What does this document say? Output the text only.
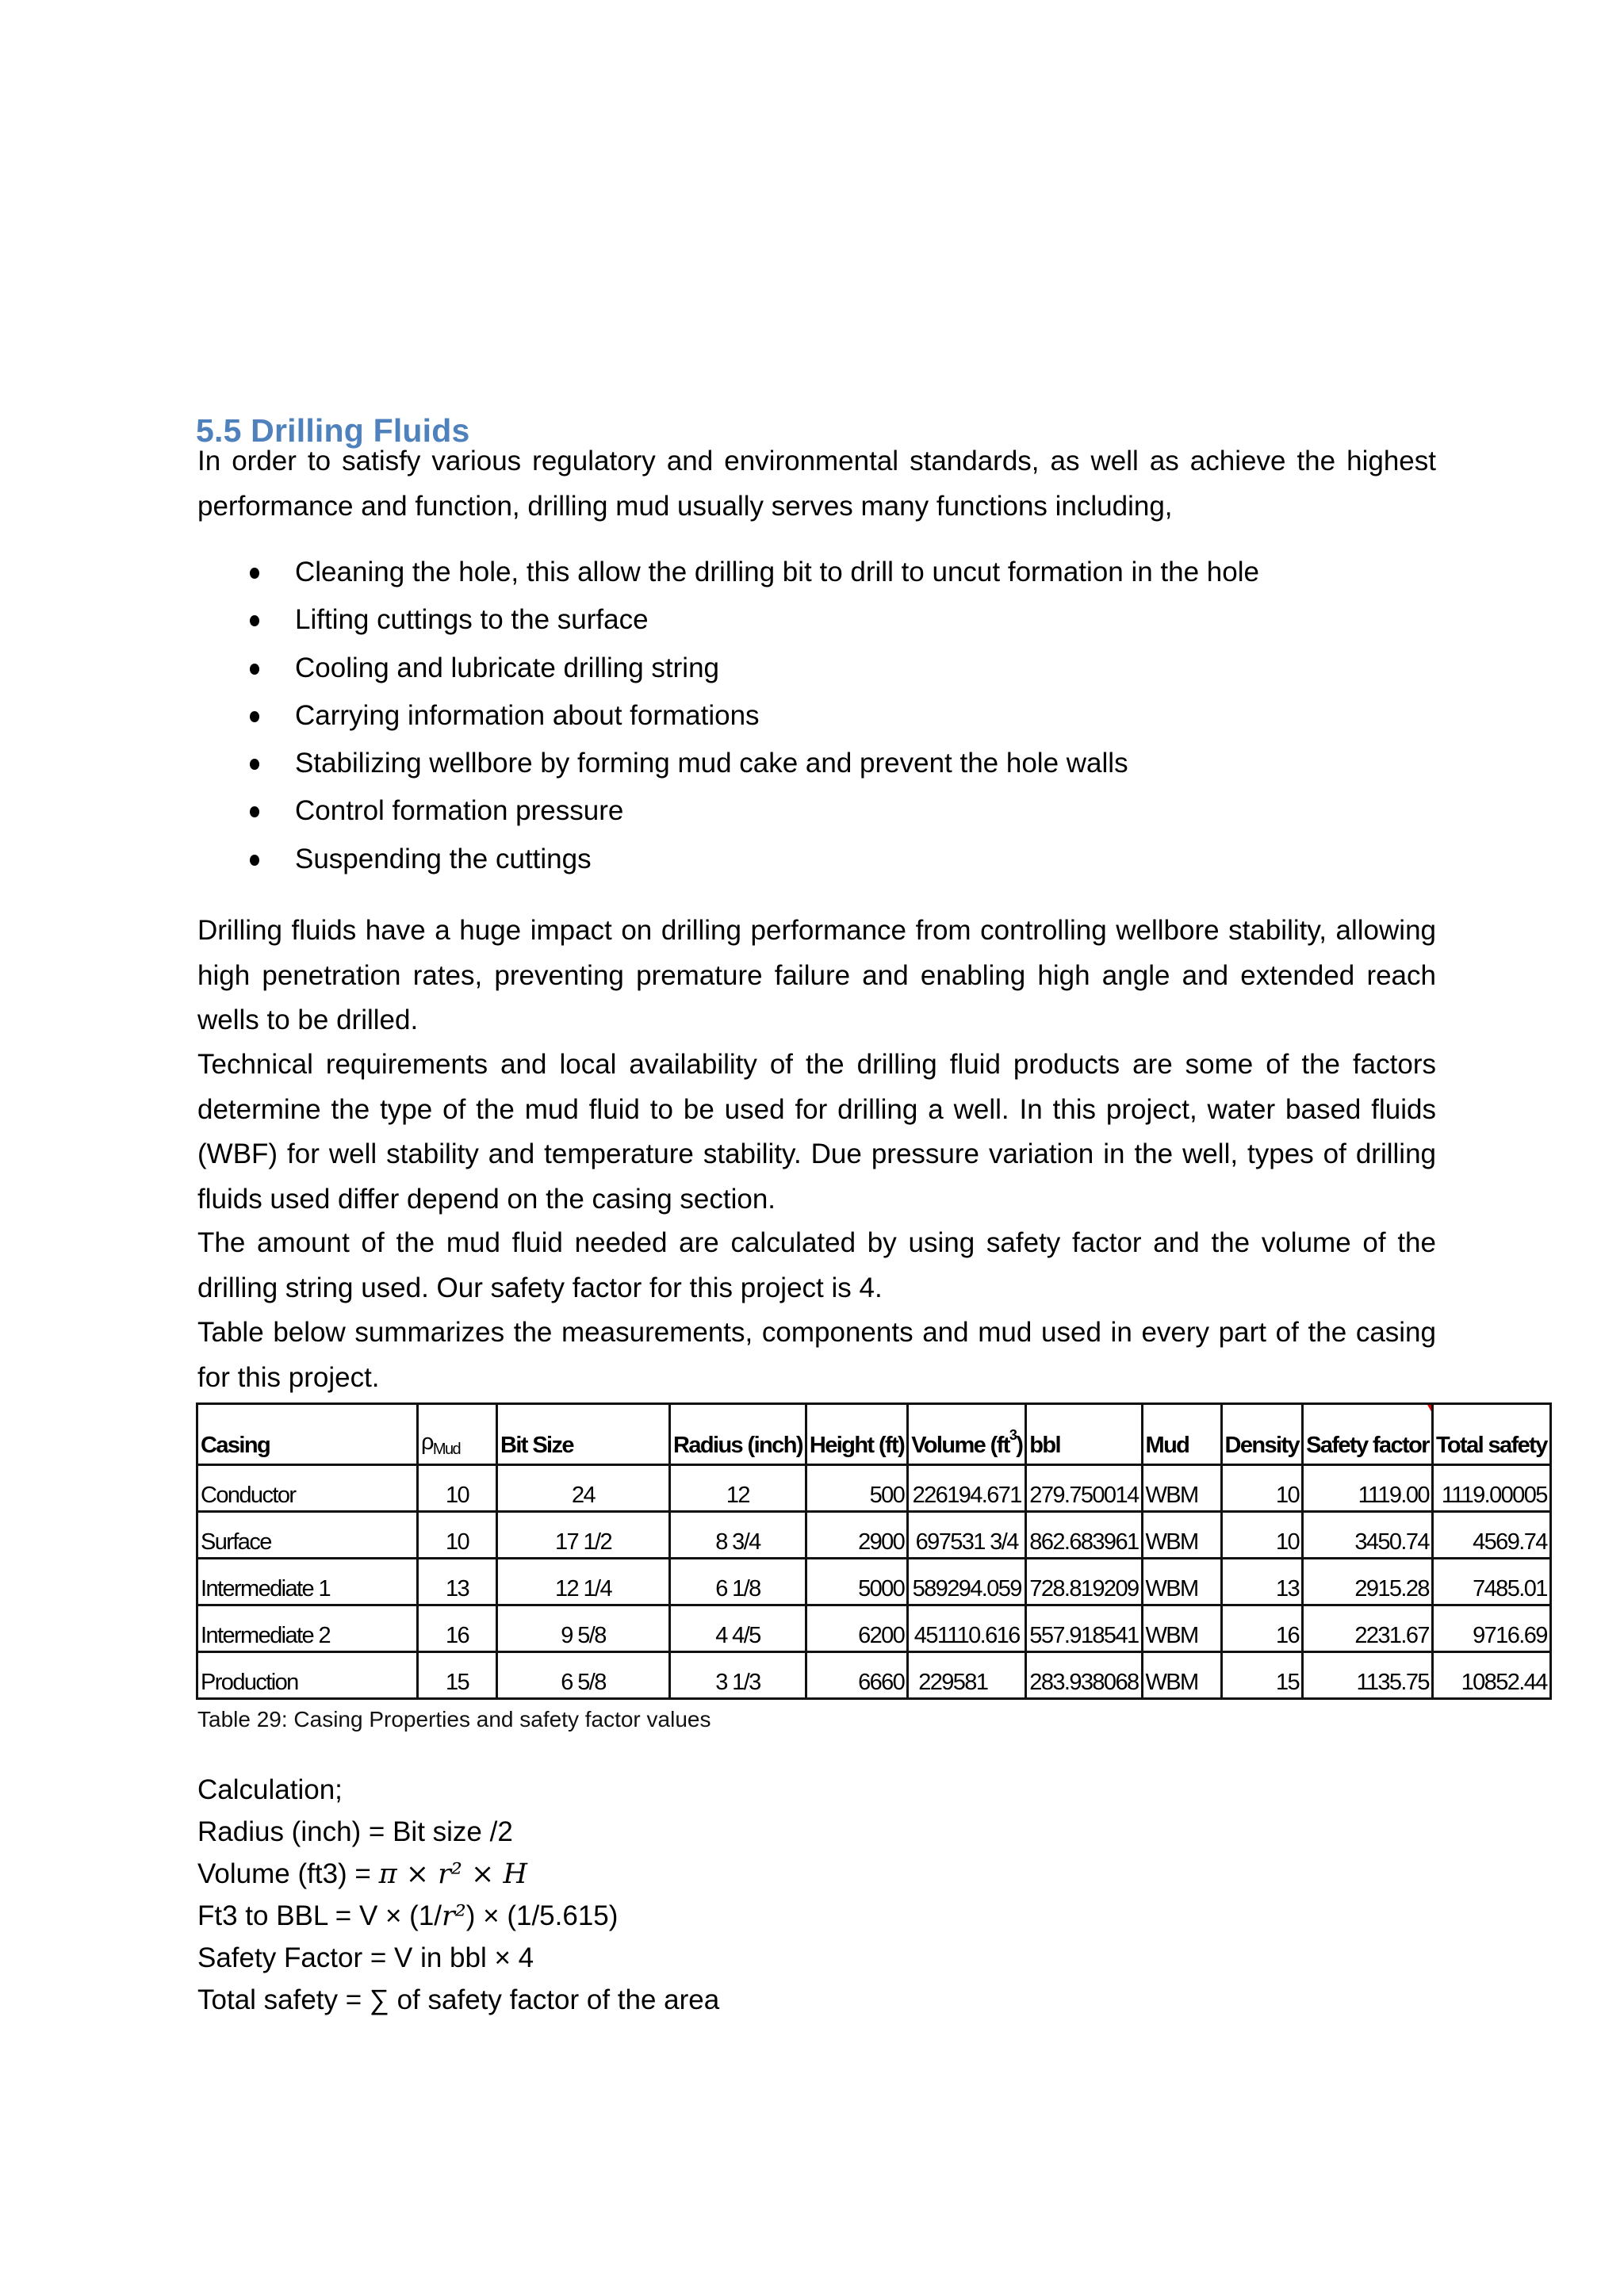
5.5 Drilling Fluids

In order to satisfy various regulatory and environmental standards, as well as achieve the highest performance and function, drilling mud usually serves many functions including,

Cleaning the hole, this allow the drilling bit to drill to uncut formation in the hole
Lifting cuttings to the surface
Cooling and lubricate drilling string
Carrying information about formations
Stabilizing wellbore by forming mud cake and prevent the hole walls
Control formation pressure
Suspending the cuttings

Drilling fluids have a huge impact on drilling performance from controlling wellbore stability, allowing high penetration rates, preventing premature failure and enabling high angle and extended reach wells to be drilled.

Technical requirements and local availability of the drilling fluid products are some of the factors determine the type of the mud fluid to be used for drilling a well. In this project, water based fluids (WBF) for well stability and temperature stability. Due pressure variation in the well, types of drilling fluids used differ depend on the casing section.

The amount of the mud fluid needed are calculated by using safety factor and the volume of the drilling string used. Our safety factor for this project is 4.

Table below summarizes the measurements, components and mud used in every part of the casing for this project.

Casing	$\rho_{Mud}$	Bit Size	Radius (inch)	Height (ft)	Volume $(ft^3)$	bbl	Mud	Density	Safety factor	Total safety
Conductor	10	24	12	500	226194.671	279.750014	WBM	10	1119.00	1119.00005
Surface	10	17 1/2	8 3/4	2900	697531 3/4	862.683961	WBM	10	3450.74	4569.74
Intermediate 1	13	12 1/4	6 1/8	5000	589294.059	728.819209	WBM	13	2915.28	7485.01
Intermediate 2	16	9 5/8	4 4/5	6200	451110.616	557.918541	WBM	16	2231.67	9716.69
Production	15	6 5/8	3 1/3	6660	229581	283.938068	WBM	15	1135.75	10852.44

Table 29: Casing Properties and safety factor values

Calculation;
Radius (inch) = Bit size /2
Volume (ft3) = π × r² × H
Ft3 to BBL = V × (1/r²) × (1/5.615)
Safety Factor = V in bbl × 4
Total safety = ∑ of safety factor of the area
